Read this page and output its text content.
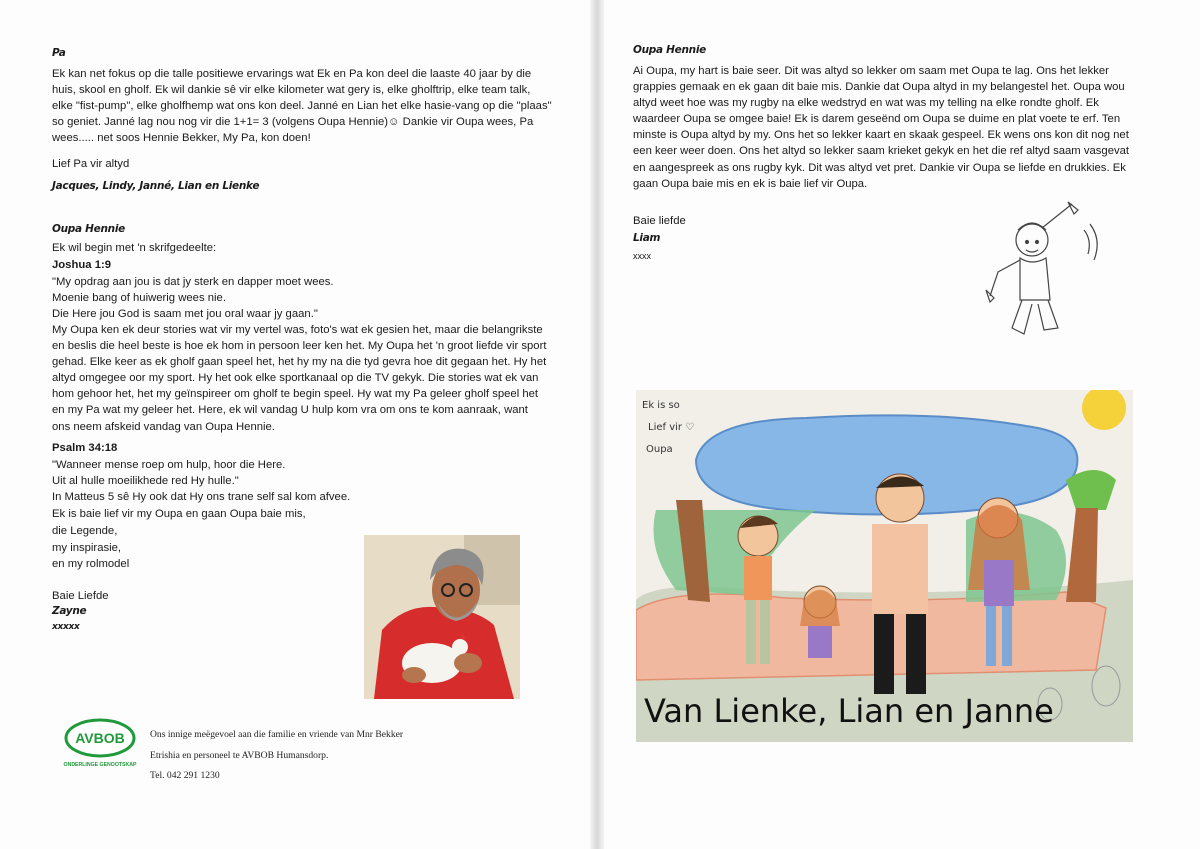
Pa

Ek kan net fokus op die talle positiewe ervarings wat Ek en Pa kon deel die laaste 40 jaar by die huis, skool en gholf. Ek wil dankie sê vir elke kilometer wat gery is, elke gholftrip, elke team talk, elke "fist-pump", elke gholfhemp wat ons kon deel. Janné en Lian het elke hasie-vang op die "plaas" so geniet. Janné lag nou nog vir die 1+1= 3 (volgens Oupa Hennie)☺ Dankie vir Oupa wees, Pa wees..... net soos Hennie Bekker, My Pa, kon doen!

Lief Pa vir altyd

Jacques, Lindy, Janné, Lian en Lienke
Oupa Hennie

Ek wil begin met 'n skrifgedeelte:

Joshua 1:9

"My opdrag aan jou is dat jy sterk en dapper moet wees.

Moenie bang of huiwerig wees nie.

Die Here jou God is saam met jou oral waar jy gaan."

My Oupa ken ek deur stories wat vir my vertel was, foto's wat ek gesien het, maar die belangrikste en beslis die heel beste is hoe ek hom in persoon leer ken het. My Oupa het 'n groot liefde vir sport gehad. Elke keer as ek gholf gaan speel het, het hy my na die tyd gevra hoe dit gegaan het. Hy het altyd omgegee oor my sport. Hy het ook elke sportkanaal op die TV gekyk. Die stories wat ek van hom gehoor het, het my geïnspireer om gholf te begin speel. Hy wat my Pa geleer gholf speel het en my Pa wat my geleer het. Here, ek wil vandag U hulp kom vra om ons te kom aanraak, want ons neem afskeid vandag van Oupa Hennie.

Psalm 34:18

"Wanneer mense roep om hulp, hoor die Here.

Uit al hulle moeilikhede red Hy hulle."

In Matteus 5 sê Hy ook dat Hy ons trane self sal kom afvee.

Ek is baie lief vir my Oupa en gaan Oupa baie mis,

die Legende,

my inspirasie,

en my rolmodel

Baie Liefde

Zayne
xxxxx
AVBOB
ONDERLINGE GENOOTSKAP
Ons innige meëgevoel aan die familie en vriende van Mnr Bekker
Etrishia en personeel te AVBOB Humansdorp.
Tel. 042 291 1230
Oupa Hennie

Ai Oupa, my hart is baie seer. Dit was altyd so lekker om saam met Oupa te lag. Ons het lekker grappies gemaak en ek gaan dit baie mis. Dankie dat Oupa altyd in my belangestel het. Oupa wou altyd weet hoe was my rugby na elke wedstryd en wat was my telling na elke rondte gholf. Ek waardeer Oupa se omgee baie! Ek is darem geseënd om Oupa se duime en plat voete te erf. Ten minste is Oupa altyd by my. Ons het so lekker kaart en skaak gespeel. Ek wens ons kon dit nog net een keer weer doen. Ons het altyd so lekker saam krieket gekyk en het die ref altyd saam vasgevat en aangespreek as ons rugby kyk. Dit was altyd vet pret. Dankie vir Oupa se liefde en drukkies. Ek gaan Oupa baie mis en ek is baie lief vir Oupa.

Baie liefde

Liam
xxxx
Ek is so
Lief vir ♡
Oupa
Van Lienke, Lian en Janne
